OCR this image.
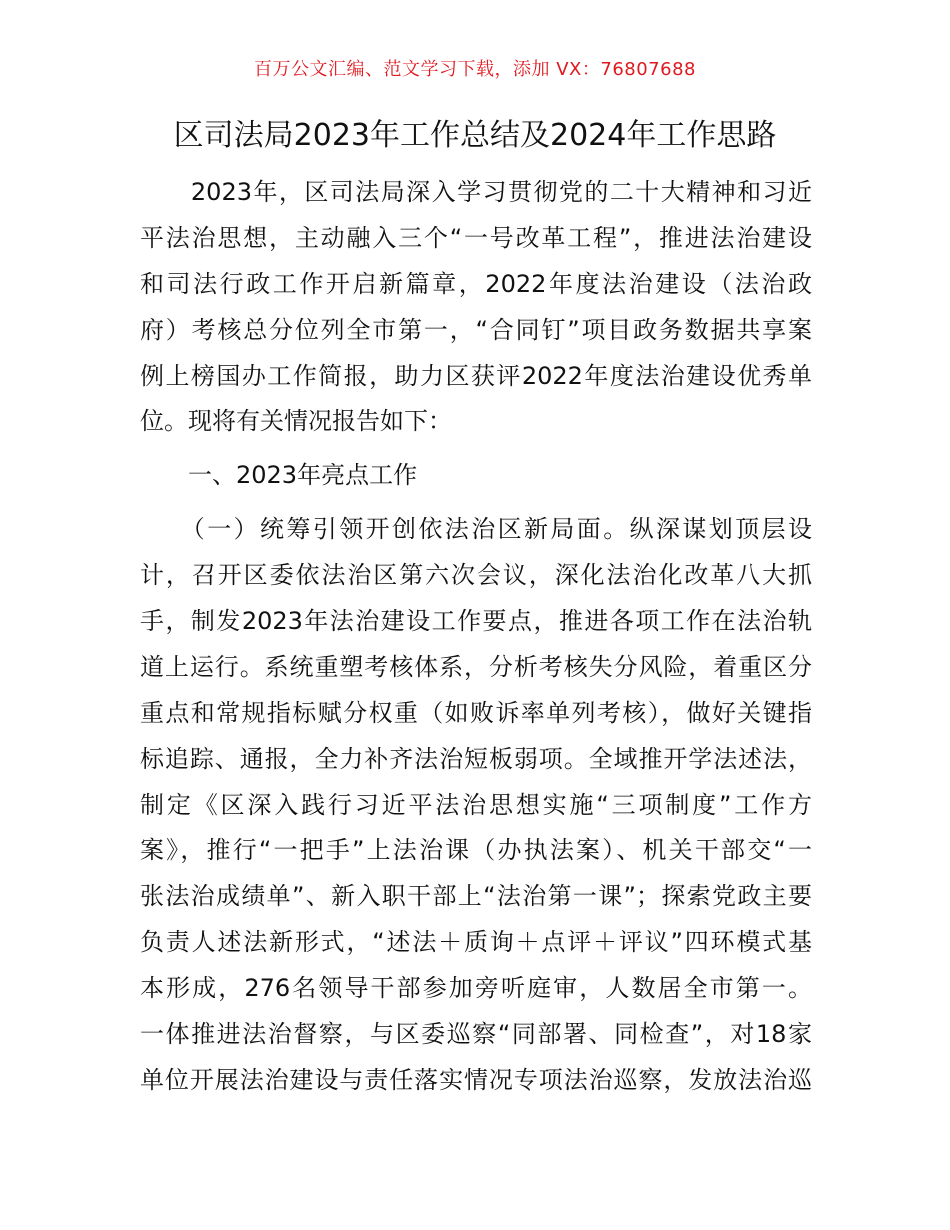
百万公文汇编、范文学习下载，添加 VX：76807688
区司法局2023年工作总结及2024年工作思路
　　2023年，区司法局深入学习贯彻党的二十大精神和习近
平法治思想，主动融入三个“一号改革工程”，推进法治建设
和司法行政工作开启新篇章，2022年度法治建设（法治政
府）考核总分位列全市第一，“合同钉”项目政务数据共享案
例上榜国办工作简报，助力区获评2022年度法治建设优秀单
位。现将有关情况报告如下：
　　一、2023年亮点工作
　　（一）统筹引领开创依法治区新局面。纵深谋划顶层设
计，召开区委依法治区第六次会议，深化法治化改革八大抓
手，制发2023年法治建设工作要点，推进各项工作在法治轨
道上运行。系统重塑考核体系，分析考核失分风险，着重区分
重点和常规指标赋分权重（如败诉率单列考核），做好关键指
标追踪、通报，全力补齐法治短板弱项。全域推开学法述法，
制定《区深入践行习近平法治思想实施“三项制度”工作方
案》，推行“一把手”上法治课（办执法案）、机关干部交“一
张法治成绩单”、新入职干部上“法治第一课”；探索党政主要
负责人述法新形式，“述法＋质询＋点评＋评议”四环模式基
本形成，276名领导干部参加旁听庭审，人数居全市第一。
一体推进法治督察，与区委巡察“同部署、同检查”，对18家
单位开展法治建设与责任落实情况专项法治巡察，发放法治巡
